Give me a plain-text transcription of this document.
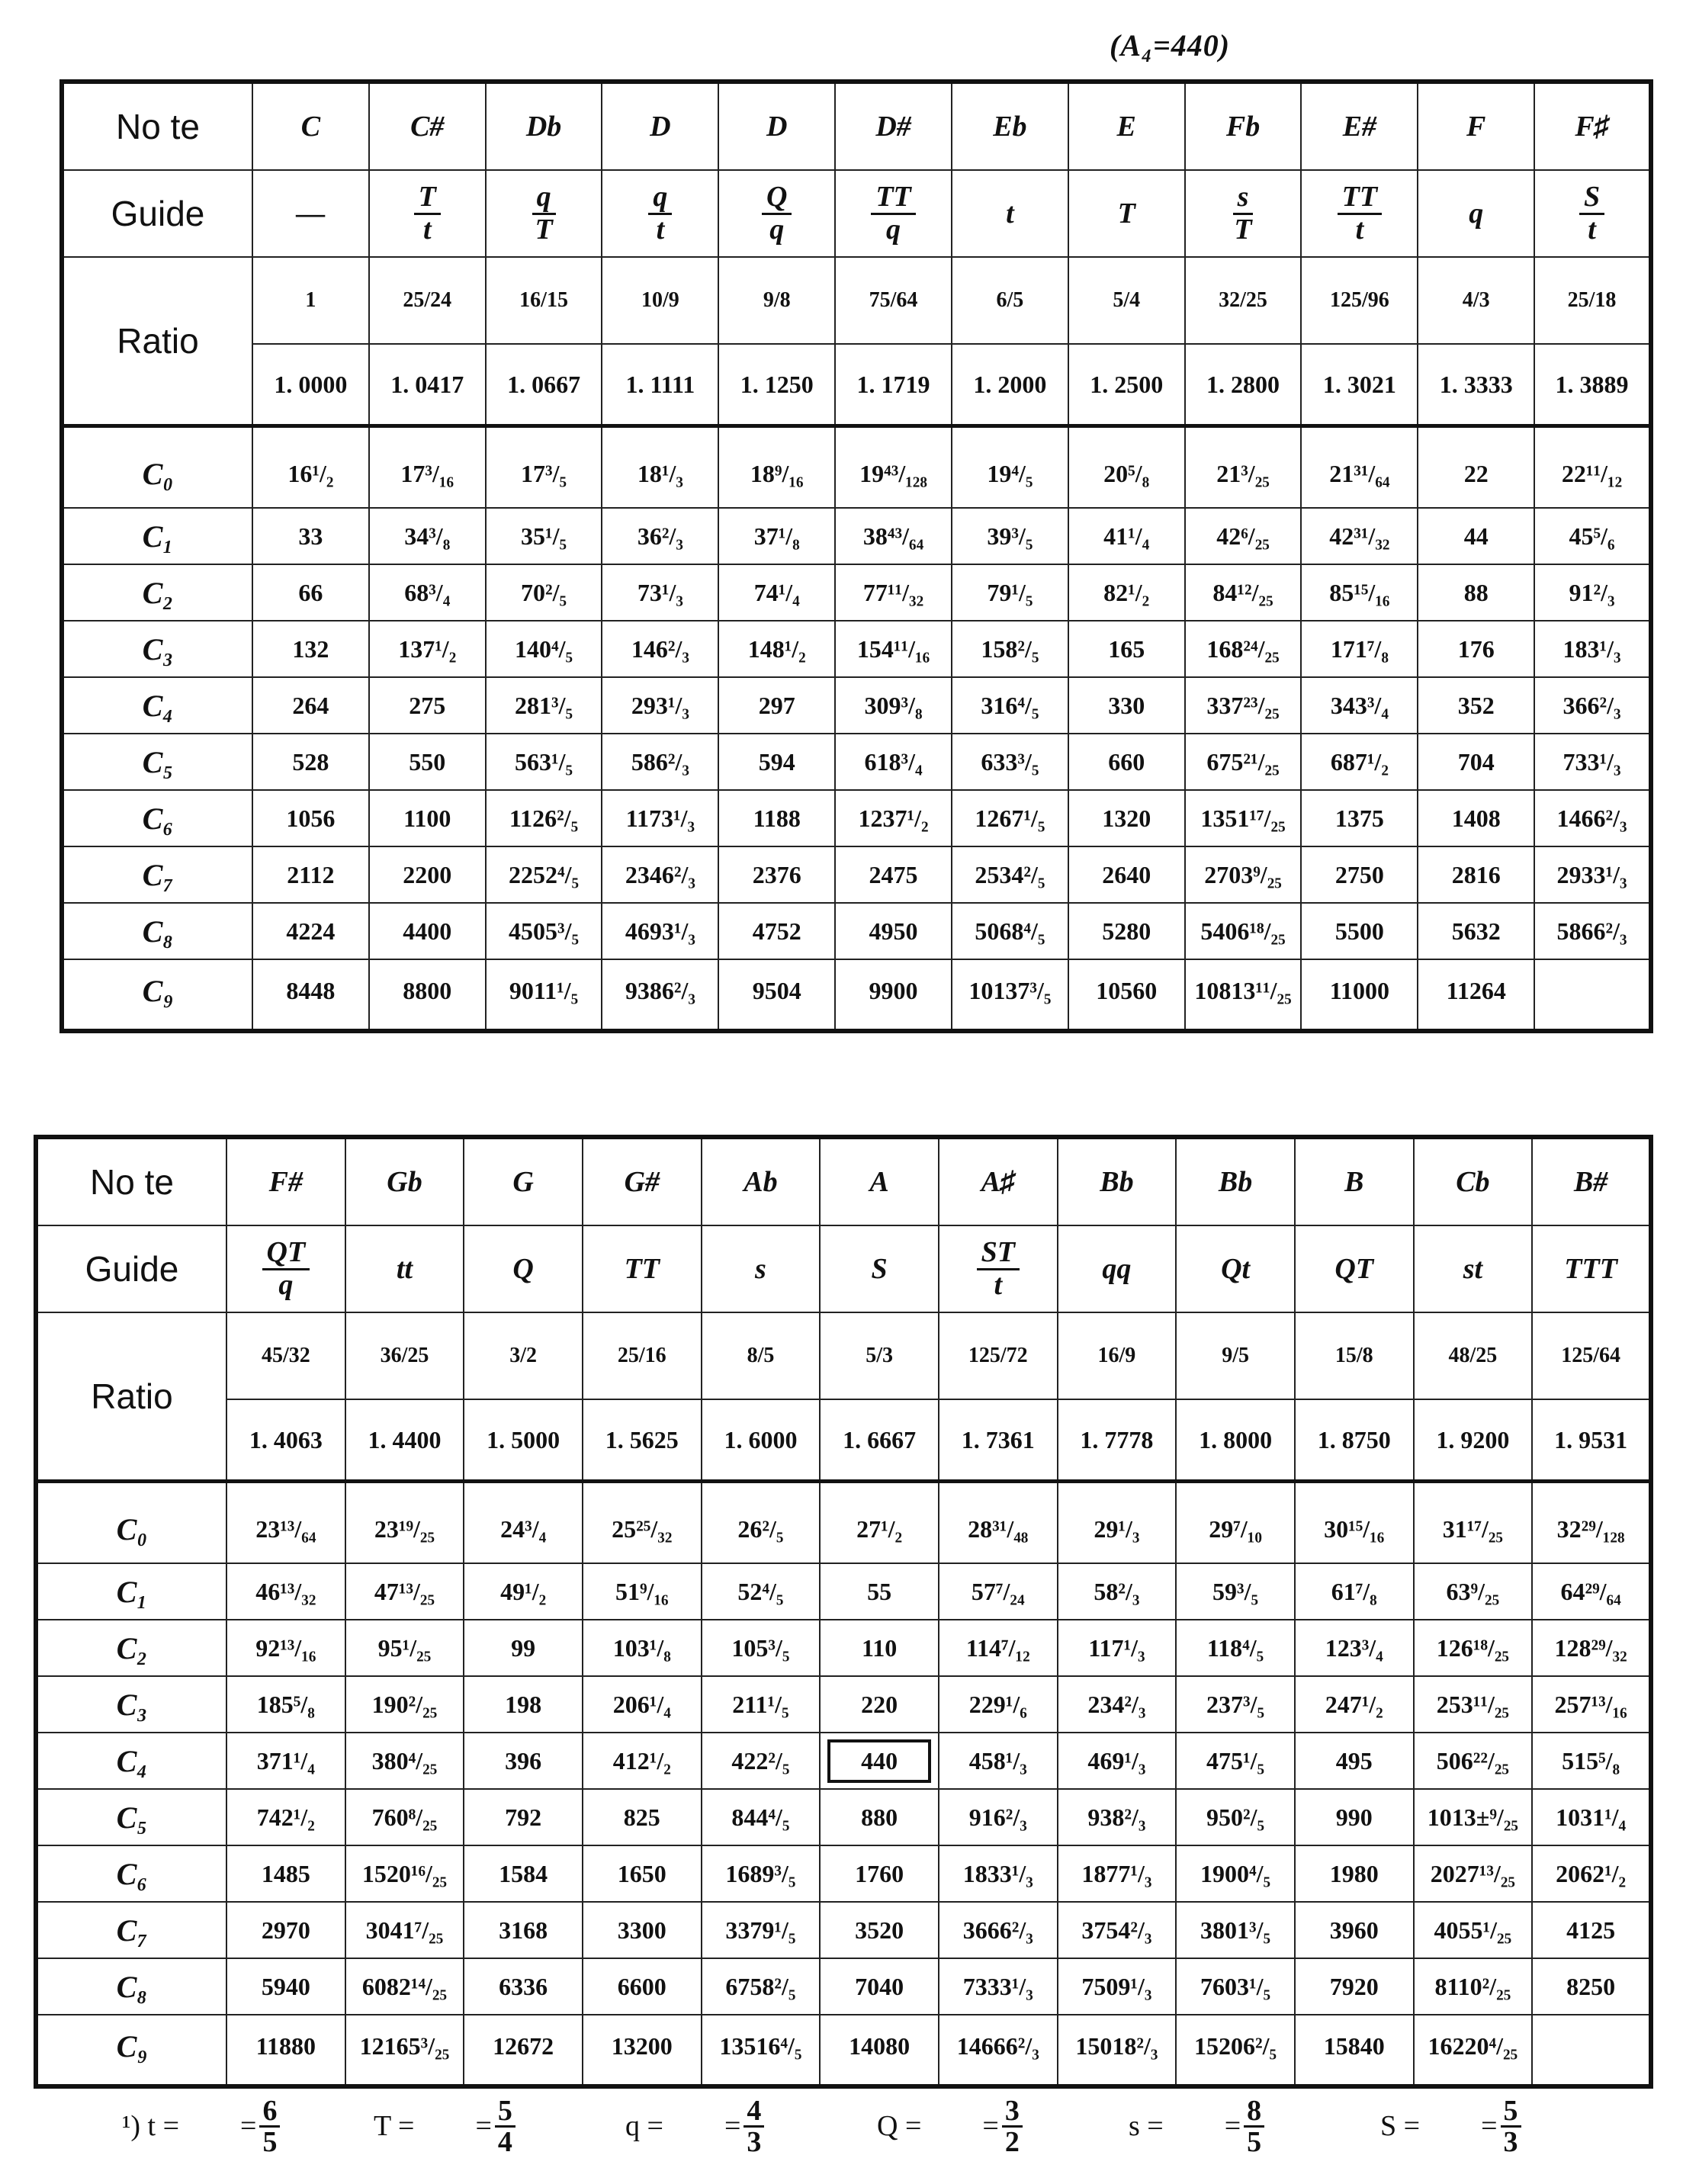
(A₄=440)
No te	C	C#	Db	D	D	D#	Eb	E	Fb	E#	F	F♯
Guide	—	$\frac{T}{t}$	$\frac{q}{T}$	$\frac{q}{t}$	$\frac{Q}{q}$	$\frac{TT}{q}$	t	T	$\frac{s}{T}$	$\frac{TT}{t}$	q	$\frac{S}{t}$

Ratio	1	25/24	16/15	10/9	9/8	75/64	6/5	5/4	32/25	125/96	4/3	25/18
	1. 0000	1. 0417	1. 0667	1. 1111	1. 1250	1. 1719	1. 2000	1. 2500	1. 2800	1. 3021	1. 3333	1. 3889
C₀	16¹/₂	17³/₁₆	17³/₅	18¹/₃	18⁹/₁₆	19⁴³/₁₂₈	19⁴/₅	20⁵/₈	21³/₂₅	21³¹/₆₄	22	22¹¹/₁₂
C₁	33	34³/₈	35¹/₅	36²/₃	37¹/₈	38⁴³/₆₄	39³/₅	41¹/₄	42⁶/₂₅	42³¹/₃₂	44	45⁵/₆
C₂	66	68³/₄	70²/₅	73¹/₃	74¹/₄	77¹¹/₃₂	79¹/₅	82¹/₂	84¹²/₂₅	85¹⁵/₁₆	88	91²/₃
C₃	132	137¹/₂	140⁴/₅	146²/₃	148¹/₂	154¹¹/₁₆	158²/₅	165	168²⁴/₂₅	171⁷/₈	176	183¹/₃
C₄	264	275	281³/₅	293¹/₃	297	309³/₈	316⁴/₅	330	337²³/₂₅	343³/₄	352	366²/₃
C₅	528	550	563¹/₅	586²/₃	594	618³/₄	633³/₅	660	675²¹/₂₅	687¹/₂	704	733¹/₃
C₆	1056	1100	1126²/₅	1173¹/₃	1188	1237¹/₂	1267¹/₅	1320	1351¹⁷/₂₅	1375	1408	1466²/₃
C₇	2112	2200	2252⁴/₅	2346²/₃	2376	2475	2534²/₅	2640	2703⁹/₂₅	2750	2816	2933¹/₃
C₈	4224	4400	4505³/₅	4693¹/₃	4752	4950	5068⁴/₅	5280	5406¹⁸/₂₅	5500	5632	5866²/₃
C₉	8448	8800	9011¹/₅	9386²/₃	9504	9900	10137³/₅	10560	10813¹¹/₂₅	11000	11264	
No te	F#	Gb	G	G#	Ab	A	A♯	Bb	Bb	B	Cb	B#
Guide	$\frac{QT}{q}$	tt	Q	TT	s	S	$\frac{ST}{t}$	qq	Qt	QT	st	TTT
Ratio	45/32	36/25	3/2	25/16	8/5	5/3	125/72	16/9	9/5	15/8	48/25	125/64
	1. 4063	1. 4400	1. 5000	1. 5625	1. 6000	1. 6667	1. 7361	1. 7778	1. 8000	1. 8750	1. 9200	1. 9531
C₀	23¹³/₆₄	23¹⁹/₂₅	24³/₄	25²⁵/₃₂	26²/₅	27¹/₂	28³¹/₄₈	29¹/₃	29⁷/₁₀	30¹⁵/₁₆	31¹⁷/₂₅	32²⁹/₁₂₈
C₁	46¹³/₃₂	47¹³/₂₅	49¹/₂	51⁹/₁₆	52⁴/₅	55	57⁷/₂₄	58²/₃	59³/₅	61⁷/₈	63⁹/₂₅	64²⁹/₆₄
C₂	92¹³/₁₆	95¹/₂₅	99	103¹/₈	105³/₅	110	114⁷/₁₂	117¹/₃	118⁴/₅	123³/₄	126¹⁸/₂₅	128²⁹/₃₂
C₃	185⁵/₈	190²/₂₅	198	206¹/₄	211¹/₅	220	229¹/₆	234²/₃	237³/₅	247¹/₂	253¹¹/₂₅	257¹³/₁₆
C₄	371¹/₄	380⁴/₂₅	396	412¹/₂	422²/₅	440	458¹/₃	469¹/₃	475¹/₅	495	506²²/₂₅	515⁵/₈
C₅	742¹/₂	760⁸/₂₅	792	825	844⁴/₅	880	916²/₃	938²/₃	950²/₅	990	1013±⁹/₂₅	1031¹/₄
C₆	1485	1520¹⁶/₂₅	1584	1650	1689³/₅	1760	1833¹/₃	1877¹/₃	1900⁴/₅	1980	2027¹³/₂₅	2062¹/₂
C₇	2970	3041⁷/₂₅	3168	3300	3379¹/₅	3520	3666²/₃	3754²/₃	3801³/₅	3960	4055¹/₂₅	4125
C₈	5940	6082¹⁴/₂₅	6336	6600	6758²/₅	7040	7333¹/₃	7509¹/₃	7603¹/₅	7920	8110²/₂₅	8250
C₉	11880	12165³/₂₅	12672	13200	13516⁴/₅	14080	14666²/₃	15018²/₃	15206²/₅	15840	16220⁴/₂₅	
¹) t = = $\frac{6}{5}$	T = = $\frac{5}{4}$	q = = $\frac{4}{3}$	Q = = $\frac{3}{2}$	s = = $\frac{8}{5}$	S = = $\frac{5}{3}$
